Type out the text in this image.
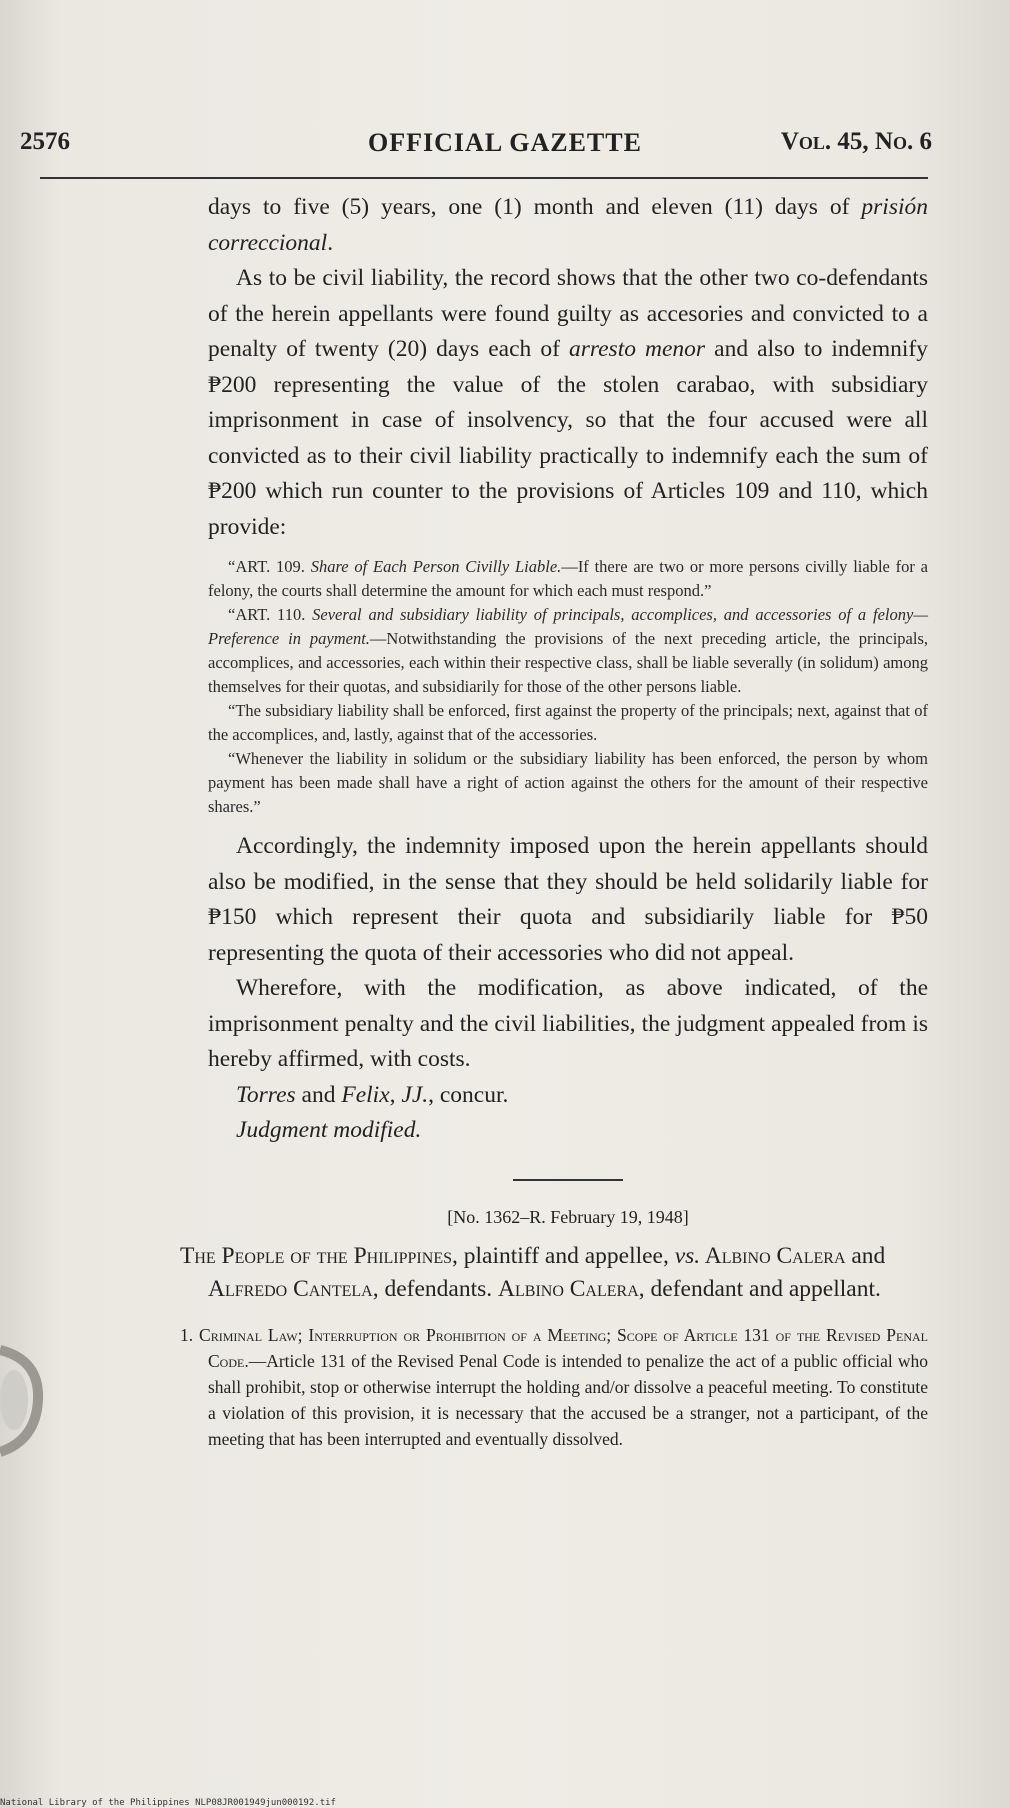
2576	OFFICIAL GAZETTE	Vol. 45, No. 6

days to five (5) years, one (1) month and eleven (11) days of prisión correccional.

As to be civil liability, the record shows that the other two co-defendants of the herein appellants were found guilty as accesories and convicted to a penalty of twenty (20) days each of arresto menor and also to indemnify ₱200 representing the value of the stolen carabao, with subsidiary imprisonment in case of insolvency, so that the four accused were all convicted as to their civil liability practically to indemnify each the sum of ₱200 which run counter to the provisions of Articles 109 and 110, which provide:

“ART. 109. Share of Each Person Civilly Liable.—If there are two or more persons civilly liable for a felony, the courts shall determine the amount for which each must respond.”

“ART. 110. Several and subsidiary liability of principals, accomplices, and accessories of a felony—Preference in payment.—Notwithstanding the provisions of the next preceding article, the principals, accomplices, and accessories, each within their respective class, shall be liable severally (in solidum) among themselves for their quotas, and subsidiarily for those of the other persons liable.

“The subsidiary liability shall be enforced, first against the property of the principals; next, against that of the accomplices, and, lastly, against that of the accessories.

“Whenever the liability in solidum or the subsidiary liability has been enforced, the person by whom payment has been made shall have a right of action against the others for the amount of their respective shares.”

Accordingly, the indemnity imposed upon the herein appellants should also be modified, in the sense that they should be held solidarily liable for ₱150 which represent their quota and subsidiarily liable for ₱50 representing the quota of their accessories who did not appeal.

Wherefore, with the modification, as above indicated, of the imprisonment penalty and the civil liabilities, the judgment appealed from is hereby affirmed, with costs.

Torres and Felix, JJ., concur.

Judgment modified.

[No. 1362–R. February 19, 1948]

The People of the Philippines, plaintiff and appellee, vs. Albino Calera and Alfredo Cantela, defendants. Albino Calera, defendant and appellant.

1. Criminal Law; Interruption or Prohibition of a Meeting; Scope of Article 131 of the Revised Penal Code.—Article 131 of the Revised Penal Code is intended to penalize the act of a public official who shall prohibit, stop or otherwise interrupt the holding and/or dissolve a peaceful meeting. To constitute a violation of this provision, it is necessary that the accused be a stranger, not a participant, of the meeting that has been interrupted and eventually dissolved.

National Library of the Philippines NLP08JR001949jun000192.tif
